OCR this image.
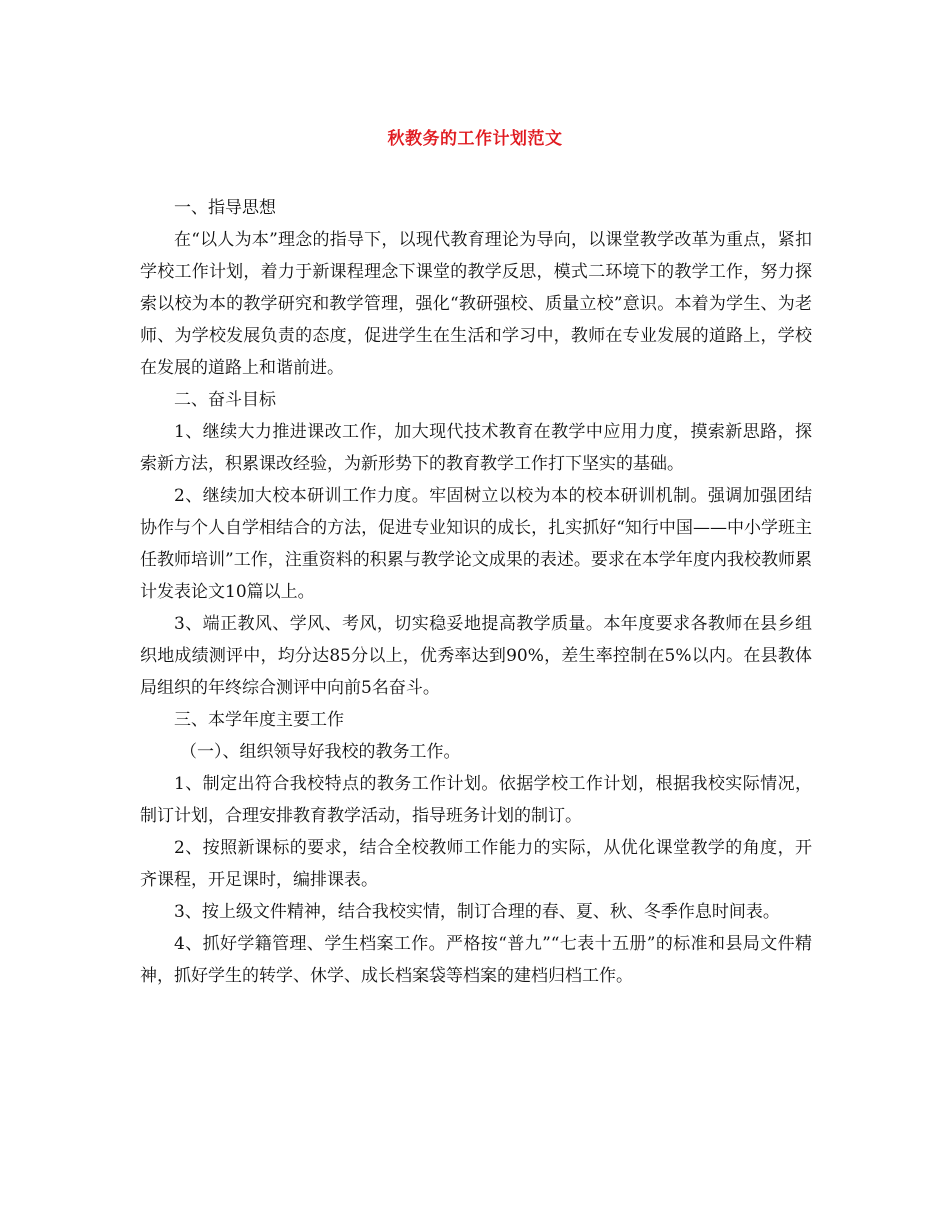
秋教务的工作计划范文

一、指导思想

在“以人为本”理念的指导下，以现代教育理论为导向，以课堂教学改革为重点，紧扣学校工作计划，着力于新课程理念下课堂的教学反思，模式二环境下的教学工作，努力探索以校为本的教学研究和教学管理，强化“教研强校、质量立校”意识。本着为学生、为老师、为学校发展负责的态度，促进学生在生活和学习中，教师在专业发展的道路上，学校在发展的道路上和谐前进。

二、奋斗目标

1、继续大力推进课改工作，加大现代技术教育在教学中应用力度，摸索新思路，探索新方法，积累课改经验，为新形势下的教育教学工作打下坚实的基础。

2、继续加大校本研训工作力度。牢固树立以校为本的校本研训机制。强调加强团结协作与个人自学相结合的方法，促进专业知识的成长，扎实抓好“知行中国——中小学班主任教师培训”工作，注重资料的积累与教学论文成果的表述。要求在本学年度内我校教师累计发表论文10篇以上。

3、端正教风、学风、考风，切实稳妥地提高教学质量。本年度要求各教师在县乡组织地成绩测评中，均分达85分以上，优秀率达到90%，差生率控制在5%以内。在县教体局组织的年终综合测评中向前5名奋斗。

三、本学年度主要工作

（一）、组织领导好我校的教务工作。

1、制定出符合我校特点的教务工作计划。依据学校工作计划，根据我校实际情况，制订计划，合理安排教育教学活动，指导班务计划的制订。

2、按照新课标的要求，结合全校教师工作能力的实际，从优化课堂教学的角度，开齐课程，开足课时，编排课表。

3、按上级文件精神，结合我校实情，制订合理的春、夏、秋、冬季作息时间表。

4、抓好学籍管理、学生档案工作。严格按“普九”“七表十五册”的标准和县局文件精神，抓好学生的转学、休学、成长档案袋等档案的建档归档工作。
